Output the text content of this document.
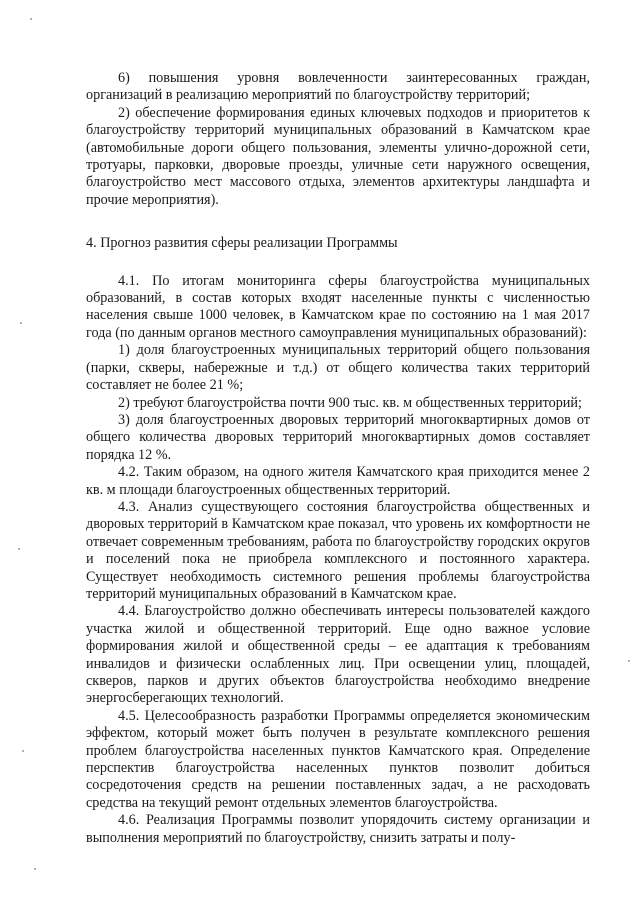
6) повышения уровня вовлеченности заинтересованных граждан, организаций в реализацию мероприятий по благоустройству территорий;

2) обеспечение формирования единых ключевых подходов и приоритетов к благоустройству территорий муниципальных образований в Камчатском крае (автомобильные дороги общего пользования, элементы улично-дорожной сети, тротуары, парковки, дворовые проезды, уличные сети наружного освещения, благоустройство мест массового отдыха, элементов архитектуры ландшафта и прочие мероприятия).

4. Прогноз развития сферы реализации Программы

4.1. По итогам мониторинга сферы благоустройства муниципальных образований, в состав которых входят населенные пункты с численностью населения свыше 1000 человек, в Камчатском крае по состоянию на 1 мая 2017 года (по данным органов местного самоуправления муниципальных образований):

1) доля благоустроенных муниципальных территорий общего пользования (парки, скверы, набережные и т.д.) от общего количества таких территорий составляет не более 21 %;

2) требуют благоустройства почти 900 тыс. кв. м общественных территорий;

3) доля благоустроенных дворовых территорий многоквартирных домов от общего количества дворовых территорий многоквартирных домов составляет порядка 12 %.

4.2. Таким образом, на одного жителя Камчатского края приходится менее 2 кв. м площади благоустроенных общественных территорий.

4.3. Анализ существующего состояния благоустройства общественных и дворовых территорий в Камчатском крае показал, что уровень их комфортности не отвечает современным требованиям, работа по благоустройству городских округов и поселений пока не приобрела комплексного и постоянного характера. Существует необходимость системного решения проблемы благоустройства территорий муниципальных образований в Камчатском крае.

4.4. Благоустройство должно обеспечивать интересы пользователей каждого участка жилой и общественной территорий. Еще одно важное условие формирования жилой и общественной среды – ее адаптация к требованиям инвалидов и физически ослабленных лиц. При освещении улиц, площадей, скверов, парков и других объектов благоустройства необходимо внедрение энергосберегающих технологий.

4.5. Целесообразность разработки Программы определяется экономическим эффектом, который может быть получен в результате комплексного решения проблем благоустройства населенных пунктов Камчатского края. Определение перспектив благоустройства населенных пунктов позволит добиться сосредоточения средств на решении поставленных задач, а не расходовать средства на текущий ремонт отдельных элементов благоустройства.

4.6. Реализация Программы позволит упорядочить систему организации и выполнения мероприятий по благоустройству, снизить затраты и полу-
